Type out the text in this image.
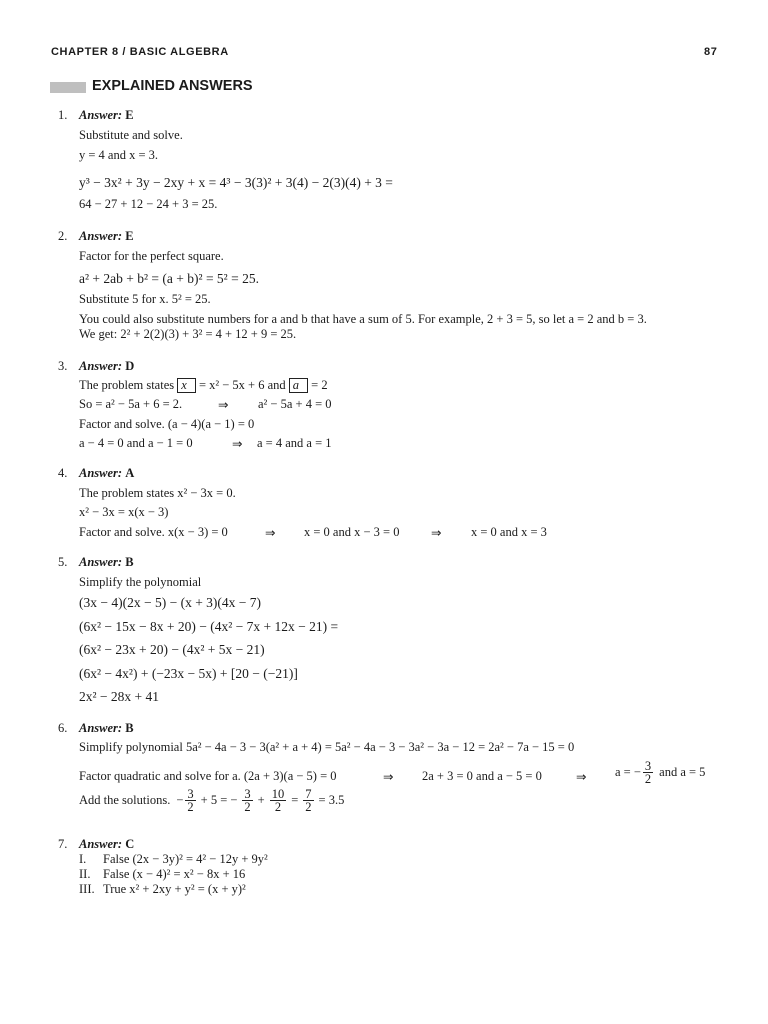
CHAPTER 8 / BASIC ALGEBRA	87
EXPLAINED ANSWERS
1. Answer: E
Substitute and solve.
y = 4 and x = 3.
y³ − 3x² + 3y − 2xy + x = 4³ − 3(3)² + 3(4) − 2(3)(4) + 3 =
64 − 27 + 12 − 24 + 3 = 25.
2. Answer: E
Factor for the perfect square.
a² + 2ab + b² = (a + b)² = 5² = 25.
Substitute 5 for x. 5² = 25.
You could also substitute numbers for a and b that have a sum of 5. For example, 2 + 3 = 5, so let a = 2 and b = 3.
We get: 2² + 2(2)(3) + 3² = 4 + 12 + 9 = 25.
3. Answer: D
The problem states x = x² − 5x + 6 and a = 2
So = a² − 5a + 6 = 2.	⇒ a² − 5a + 4 = 0
Factor and solve. (a − 4)(a − 1) = 0
a − 4 = 0 and a − 1 = 0	⇒ a = 4 and a = 1
4. Answer: A
The problem states x² − 3x = 0.
x² − 3x = x(x − 3)
Factor and solve. x(x − 3) = 0	⇒ x = 0 and x − 3 = 0	⇒ x = 0 and x = 3
5. Answer: B
Simplify the polynomial
(3x − 4)(2x − 5) − (x + 3)(4x − 7)
(6x² − 15x − 8x + 20) − (4x² − 7x + 12x − 21) =
(6x² − 23x + 20) − (4x² + 5x − 21)
(6x² − 4x²) + (−23x − 5x) + [20 − (−21)]
2x² − 28x + 41
6. Answer: B
Simplify polynomial 5a² − 4a − 3 − 3(a² + a + 4) = 5a² − 4a − 3 − 3a² − 3a − 12 = 2a² − 7a − 15 = 0
Factor quadratic and solve for a. (2a + 3)(a − 5) = 0	⇒ 2a + 3 = 0 and a − 5 = 0	⇒ a = − $\frac{3}{2}$ and a = 5
Add the solutions. − $\frac{3}{2} + 5$ = − $\frac{3}{2} + \frac{10}{2} = \frac{7}{2} = 3.5$
7. Answer: C
I. False (2x − 3y)² = 4² − 12y + 9y²
II. False (x − 4)² = x² − 8x + 16
III. True x² + 2xy + y² = (x + y)²
